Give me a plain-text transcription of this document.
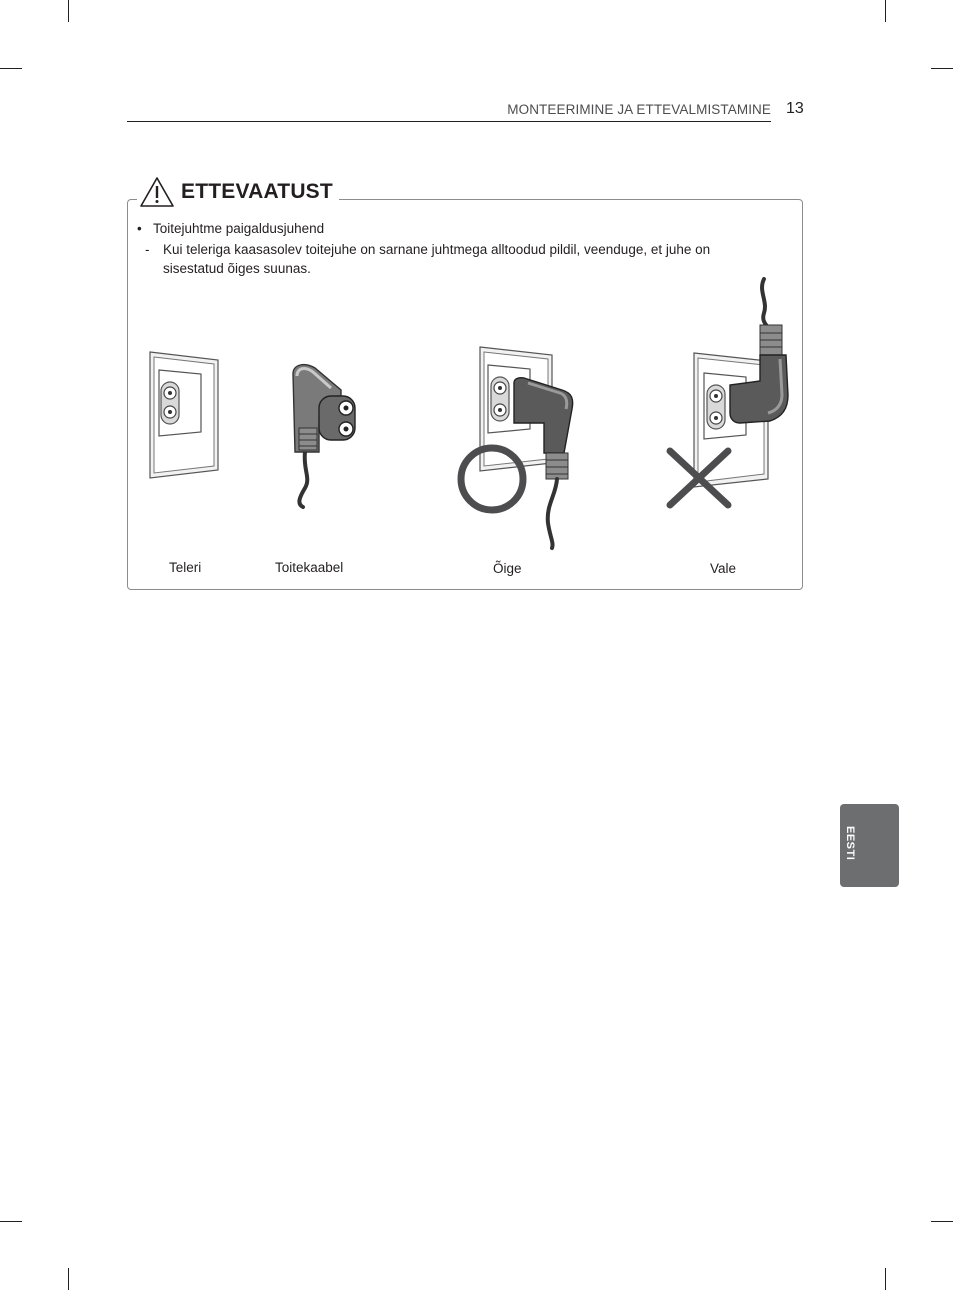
MONTEERIMINE JA ETTEVALMISTAMINE 13
ETTEVAATUST
• Toitejuhtme paigaldusjuhend
- Kui teleriga kaasasolev toitejuhe on sarnane juhtmega alltoodud pildil, veenduge, et juhe on sisestatud õiges suunas.
Teleri	Toitekaabel	Õige	Vale
EESTI
